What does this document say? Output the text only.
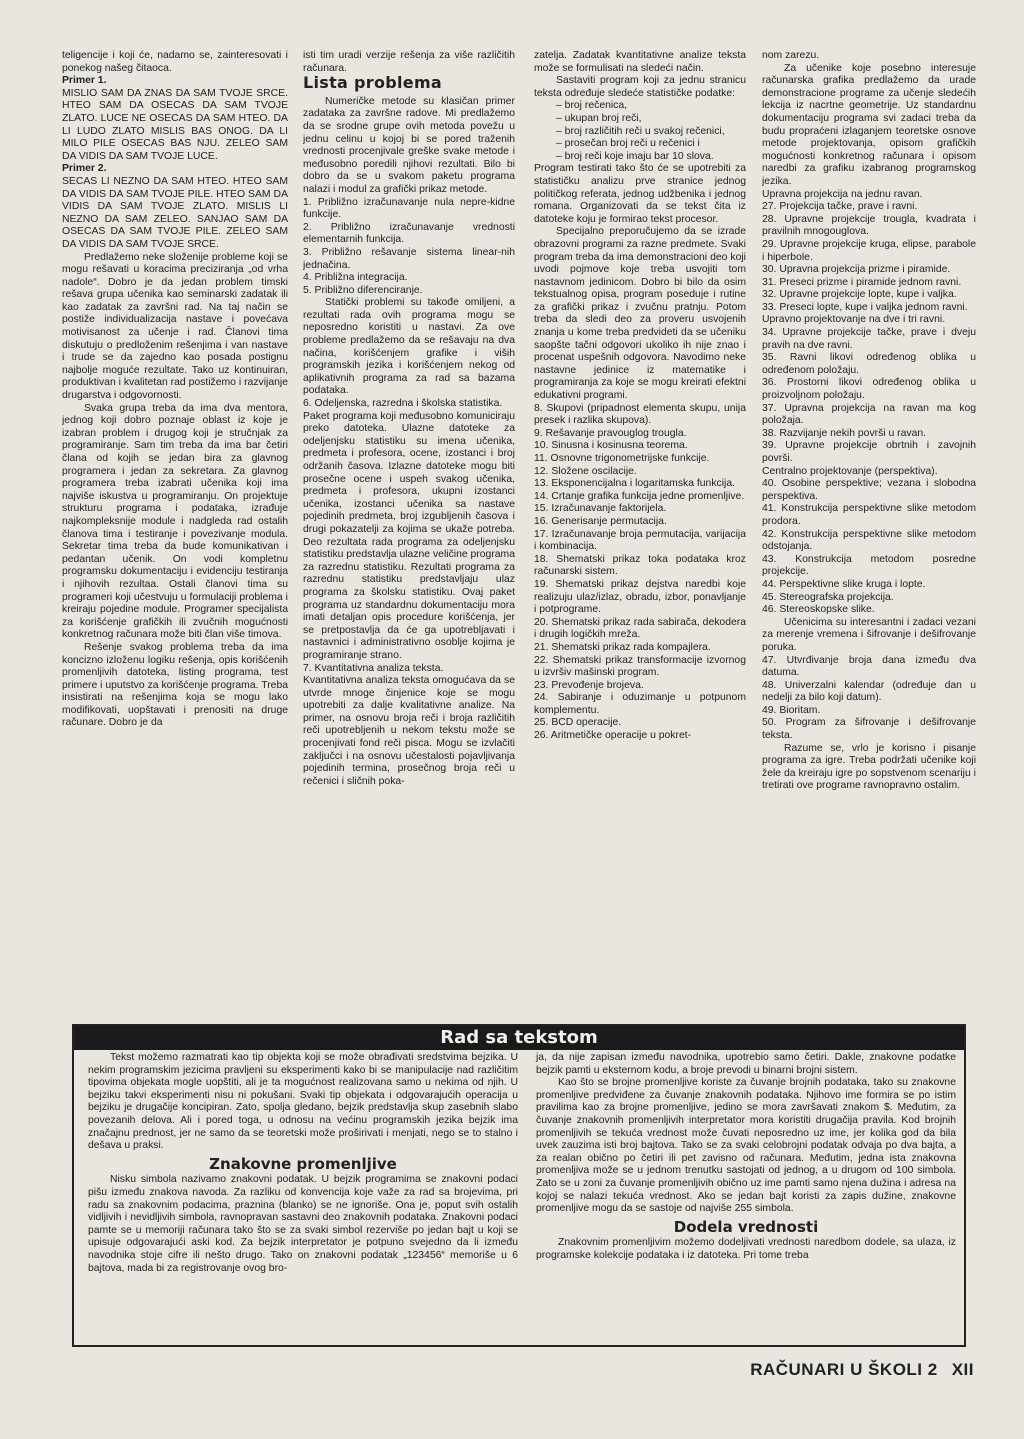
teligencije i koji će, nadamo se, zainteresovati i ponekog našeg čitaoca.

Primer 1.

MISLIO SAM DA ZNAS DA SAM TVOJE SRCE. HTEO SAM DA OSECAS DA SAM TVOJE ZLATO. LUCE NE OSECAS DA SAM HTEO. DA LI LUDO ZLATO MISLIS BAS ONOG. DA LI MILO PILE OSECAS BAS NJU. ZELEO SAM DA VIDIS DA SAM TVOJE LUCE.

Primer 2.

SECAS LI NEZNO DA SAM HTEO. HTEO SAM DA VIDIS DA SAM TVOJE PILE. HTEO SAM DA VIDIS DA SAM TVOJE ZLATO. MISLIS LI NEZNO DA SAM ZELEO. SANJAO SAM DA OSECAS DA SAM TVOJE PILE. ZELEO SAM DA VIDIS DA SAM TVOJE SRCE.

Predlažemo neke složenije probleme koji se mogu rešavati u koracima preciziranja „od vrha nadole“. Dobro je da jedan problem timski rešava grupa učenika kao seminarski zadatak ili kao zadatak za završni rad. Na taj način se postiže individualizacija nastave i povećava motivisanost za učenje i rad. Članovi tima diskutuju o predloženim rešenjima i van nastave i trude se da zajedno kao posada postignu najbolje moguće rezultate. Tako uz kontinuiran, produktivan i kvalitetan rad postižemo i razvijanje drugarstva i odgovornosti.

Svaka grupa treba da ima dva mentora, jednog koji dobro poznaje oblast iz koje je izabran problem i drugog koji je stručnjak za programiranje. Sam tim treba da ima bar četiri člana od kojih se jedan bira za glavnog programera i jedan za sekretara. Za glavnog programera treba izabrati učenika koji ima najviše iskustva u programiranju. On projektuje strukturu programa i podataka, izrađuje najkompleksnije module i nadgleda rad ostalih članova tima i testiranje i povezivanje modula. Sekretar tima treba da bude komunikativan i pedantan učenik. On vodi kompletnu programsku dokumentaciju i evidenciju testiranja i njihovih rezultaa. Ostali članovi tima su programeri koji učestvuju u formulaciji problema i kreiraju pojedine module. Programer specijalista za korišćenje grafičkih ili zvučnih mogućnosti konkretnog računara može biti član više timova.

Rešenje svakog problema treba da ima koncizno izloženu logiku rešenja, opis korišćenih promenljivih datoteka, listing programa, test primere i uputstvo za korišćenje programa. Treba insistirati na rešenjima koja se mogu lako modifikovati, uopštavati i prenositi na druge računare. Dobro je da

isti tim uradi verzije rešenja za više različitih računara.

Lista problema

Numeričke metode su klasičan primer zadataka za završne radove. Mi predlažemo da se srodne grupe ovih metoda povežu u jednu celinu u kojoj bi se pored traženih vrednosti procenjivale greške svake metode i međusobno poredili njihovi rezultati. Bilo bi dobro da se u svakom paketu programa nalazi i modul za grafički prikaz metode.

1. Približno izračunavanje nula nepre-kidne funkcije.

2. Približno izračunavanje vrednosti elementarnih funkcija.

3. Približno rešavanje sistema linear-nih jednačina.

4. Približna integracija.

5. Približno diferenciranje.

Statički problemi su takođe omiljeni, a rezultati rada ovih programa mogu se neposredno koristiti u nastavi. Za ove probleme predlažemo da se rešavaju na dva načina, korišćenjem grafike i viših programskih jezika i korišćenjem nekog od aplikativnih programa za rad sa bazama podataka.

6. Odeljenska, razredna i školska statistika.

Paket programa koji međusobno komuniciraju preko datoteka. Ulazne datoteke za odeljenjsku statistiku su imena učenika, predmeta i profesora, ocene, izostanci i broj održanih časova. Izlazne datoteke mogu biti prosečne ocene i uspeh svakog učenika, predmeta i profesora, ukupni izostanci učenika, izostanci učenika sa nastave pojedinih predmeta, broj izgubljenih časova i drugi pokazatelji za kojima se ukaže potreba. Deo rezultata rada programa za odeljenjsku statistiku predstavlja ulazne veličine programa za razrednu statistiku. Rezultati programa za razrednu statistiku predstavljaju ulaz programa za školsku statistiku. Ovaj paket programa uz standardnu dokumentaciju mora imati detaljan opis procedure korišćenja, jer se pretpostavlja da će ga upotrebljavati i nastavnici i administrativno osoblje kojima je programiranje strano.

7. Kvantitativna analiza teksta.

Kvantitativna analiza teksta omogućava da se utvrde mnoge činjenice koje se mogu upotrebiti za dalje kvalitativne analize. Na primer, na osnovu broja reči i broja različitih reči upotrebljenih u nekom tekstu može se procenjivati fond reči pisca. Mogu se izvlačiti zaključci i na osnovu učestalosti pojavljivanja pojedinih termina, prosečnog broja reči u rečenici i sličnih poka-

zatelja. Zadatak kvantitativne analize teksta može se formulisati na sledeći način.

Sastaviti program koji za jednu stranicu teksta određuje sledeće statističke podatke:

– broj rečenica,

– ukupan broj reči,

– broj različitih reči u svakoj rečenici,

– prosečan broj reči u rečenici i

– broj reči koje imaju bar 10 slova.

Program testirati tako što će se upotrebiti za statističku analizu prve stranice jednog političkog referata, jednog udžbenika i jednog romana. Organizovati da se tekst čita iz datoteke koju je formirao tekst procesor.

Specijalno preporučujemo da se izrade obrazovni programi za razne predmete. Svaki program treba da ima demonstracioni deo koji uvodi pojmove koje treba usvojiti tom nastavnom jedinicom. Dobro bi bilo da osim tekstualnog opisa, program poseduje i rutine za grafički prikaz i zvučnu pratnju. Potom treba da sledi deo za proveru usvojenih znanja u kome treba predvideti da se učeniku saopšte tačni odgovori ukoliko ih nije znao i procenat uspešnih odgovora. Navodimo neke nastavne jedinice iz matematike i programiranja za koje se mogu kreirati efektni edukativni programi.

8. Skupovi (pripadnost elementa skupu, unija presek i razlika skupova).

9. Rešavanje pravouglog trougla.

10. Sinusna i kosinusna teorema.

11. Osnovne trigonometrijske funkcije.

12. Složene oscilacije.

13. Eksponencijalna i logaritamska funkcija.

14. Crtanje grafika funkcija jedne promenljive.

15. Izračunavanje faktorijela.

16. Generisanje permutacija.

17. Izračunavanje broja permutacija, varijacija i kombinacija.

18. Shematski prikaz toka podataka kroz računarski sistem.

19. Shematski prikaz dejstva naredbi koje realizuju ulaz/izlaz, obradu, izbor, ponavljanje i potprograme.

20. Shematski prikaz rada sabirača, dekodera i drugih logičkih mreža.

21. Shematski prikaz rada kompajlera.

22. Shematski prikaz transformacije izvornog u izvršiv mašinski program.

23. Prevođenje brojeva.

24. Sabiranje i oduzimanje u potpunom komplementu.

25. BCD operacije.

26. Aritmetičke operacije u pokret-

nom zarezu.

Za učenike koje posebno interesuje računarska grafika predlažemo da urade demonstracione programe za učenje sledećih lekcija iz nacrtne geometrije. Uz standardnu dokumentaciju programa svi zadaci treba da budu propraćeni izlaganjem teoretske osnove metode projektovanja, opisom grafičkih mogućnosti konkretnog računara i opisom naredbi za grafiku izabranog programskog jezika.

Upravna projekcija na jednu ravan.

27. Projekcija tačke, prave i ravni.

28. Upravne projekcije trougla, kvadrata i pravilnih mnogouglova.

29. Upravne projekcije kruga, elipse, parabole i hiperbole.

30. Upravna projekcija prizme i piramide.

31. Preseci prizme i piramide jednom ravni.

32. Upravne projekcije lopte, kupe i valjka.

33. Preseci lopte, kupe i valjka jednom ravni.

Upravno projektovanje na dve i tri ravni.

34. Upravne projekcije tačke, prave i dveju pravih na dve ravni.

35. Ravni likovi određenog oblika u određenom položaju.

36. Prostorni likovi određenog oblika u proizvoljnom položaju.

37. Upravna projekcija na ravan ma kog položaja.

38. Razvijanje nekih površi u ravan.

39. Upravne projekcije obrtnih i zavojnih površi.

Centralno projektovanje (perspektiva).

40. Osobine perspektive; vezana i slobodna perspektiva.

41. Konstrukcija perspektivne slike metodom prodora.

42. Konstrukcija perspektivne slike metodom odstojanja.

43. Konstrukcija metodom posredne projekcije.

44. Perspektivne slike kruga i lopte.

45. Stereografska projekcija.

46. Stereoskopske slike.

Učenicima su interesantni i zadaci vezani za merenje vremena i šifrovanje i dešifrovanje poruka.

47. Utvrđivanje broja dana između dva datuma.

48. Univerzalni kalendar (određuje dan u nedelji za bilo koji datum).

49. Bioritam.

50. Program za šifrovanje i dešifrovanje teksta.

Razume se, vrlo je korisno i pisanje programa za igre. Treba podržati učenike koji žele da kreiraju igre po sopstvenom scenariju i tretirati ove programe ravnopravno ostalim.

Rad sa tekstom

Tekst možemo razmatrati kao tip objekta koji se može obrađivati sredstvima bejzika. U nekim programskim jezicima pravljeni su eksperimenti kako bi se manipulacije nad različitim tipovima objekata mogle uopštiti, ali je ta mogućnost realizovana samo u nekima od njih. U bejziku takvi eksperimenti nisu ni pokušani. Svaki tip objekata i odgovarajućih operacija u bejziku je drugačije koncipiran. Zato, spolja gledano, bejzik predstavlja skup zasebnih slabo povezanih delova. Ali i pored toga, u odnosu na većinu programskih jezika bejzik ima značajnu prednost, jer ne samo da se teoretski može proširivati i menjati, nego se to stalno i dešava u praksi.

Znakovne promenljive

Nisku simbola nazivamo znakovni podatak. U bejzik programima se znakovni podaci pišu između znakova navoda. Za razliku od konvencija koje važe za rad sa brojevima, pri radu sa znakovnim podacima, praznina (blanko) se ne ignoriše. Ona je, poput svih ostalih vidljivih i nevidljivih simbola, ravnopravan sastavni deo znakovnih podataka. Znakovni podaci pamte se u memoriji računara tako što se za svaki simbol rezerviše po jedan bajt u koji se upisuje odgovarajući aski kod. Za bejzik interpretator je potpuno svejedno da li između navodnika stoje cifre ili nešto drugo. Tako on znakovni podatak „123456“ memoriše u 6 bajtova, mada bi za registrovanje ovog bro-

ja, da nije zapisan između navodnika, upotrebio samo četiri. Dakle, znakovne podatke bejzik pamti u eksternom kodu, a broje prevodi u binarni brojni sistem.

Kao što se brojne promenljive koriste za čuvanje brojnih podataka, tako su znakovne promenljive predviđene za čuvanje znakovnih podataka. Njihovo ime formira se po istim pravilima kao za brojne promenljive, jedino se mora završavati znakom $. Međutim, za čuvanje znakovnih promenljivih interpretator mora koristiti drugačija pravila. Kod brojnih promenljivih se tekuća vrednost može čuvati neposredno uz ime, jer kolika god da bila uvek zauzima isti broj bajtova. Tako se za svaki celobrojni podatak odvaja po dva bajta, a za realan obično po četiri ili pet zavisno od računara. Međutim, jedna ista znakovna promenljiva može se u jednom trenutku sastojati od jednog, a u drugom od 100 simbola. Zato se u zoni za čuvanje promenljivih obično uz ime pamti samo njena dužina i adresa na kojoj se nalazi tekuća vrednost. Ako se jedan bajt koristi za zapis dužine, znakovne promenljive mogu da se sastoje od najviše 255 simbola.

Dodela vrednosti

Znakovnim promenljivim možemo dodeljivati vrednosti naredbom dodele, sa ulaza, iz programske kolekcije podataka i iz datoteka. Pri tome treba

RAČUNARI U ŠKOLI 2 XII
